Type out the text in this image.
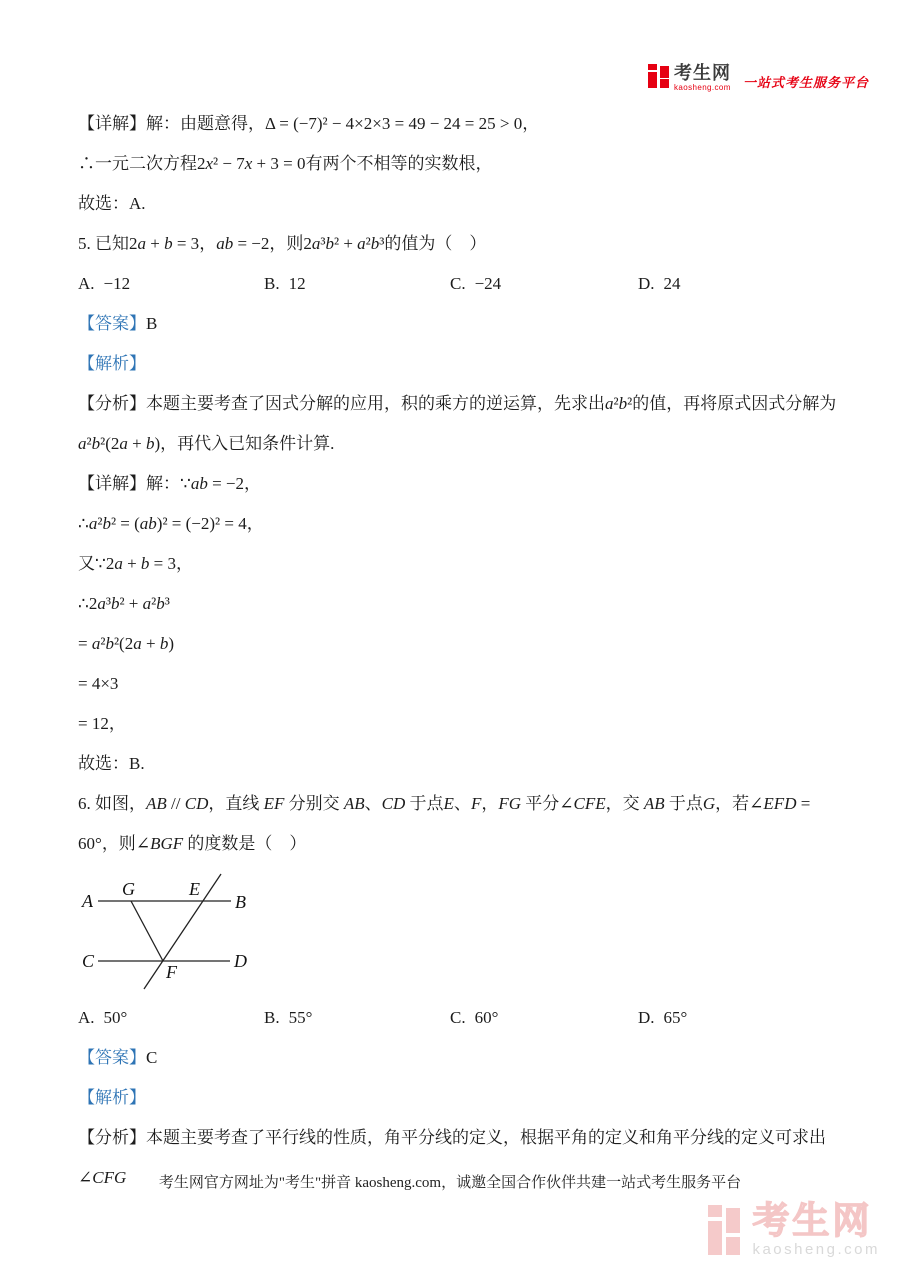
考生网
kaosheng.com 一站式考生服务平台

【详解】解：由题意得，Δ = (−7)² − 4×2×3 = 49 − 24 = 25 > 0，

∴一元二次方程2x² − 7x + 3 = 0有两个不相等的实数根，

故选：A.

5. 已知2a + b = 3，ab = −2，则2a³b² + a²b³的值为（　）

A. −12	B. 12	C. −24	D. 24

【答案】B

【解析】

【分析】本题主要考查了因式分解的应用，积的乘方的逆运算，先求出a²b²的值，再将原式因式分解为a²b²(2a + b)，再代入已知条件计算.

【详解】解：∵ab = −2，

∴a²b² = (ab)² = (−2)² = 4，

又∵2a + b = 3，

∴2a³b² + a²b³

= a²b²(2a + b)

= 4×3

= 12，

故选：B.

6. 如图，AB // CD，直线 EF 分别交 AB、CD 于点E、F，FG 平分∠CFE，交 AB 于点G，若∠EFD = 60°，则∠BGF 的度数是（　）

A
G	E
B
C
F
D
A. 50°	B. 55°	C. 60°	D. 65°

【答案】C

【解析】

【分析】本题主要考查了平行线的性质，角平分线的定义，根据平角的定义和角平分线的定义可求出∠CFG	考生网官方网址为"考生"拼音 kaosheng.com，诚邀全国合作伙伴共建一站式考生服务平台
考生网
kaosheng.com
